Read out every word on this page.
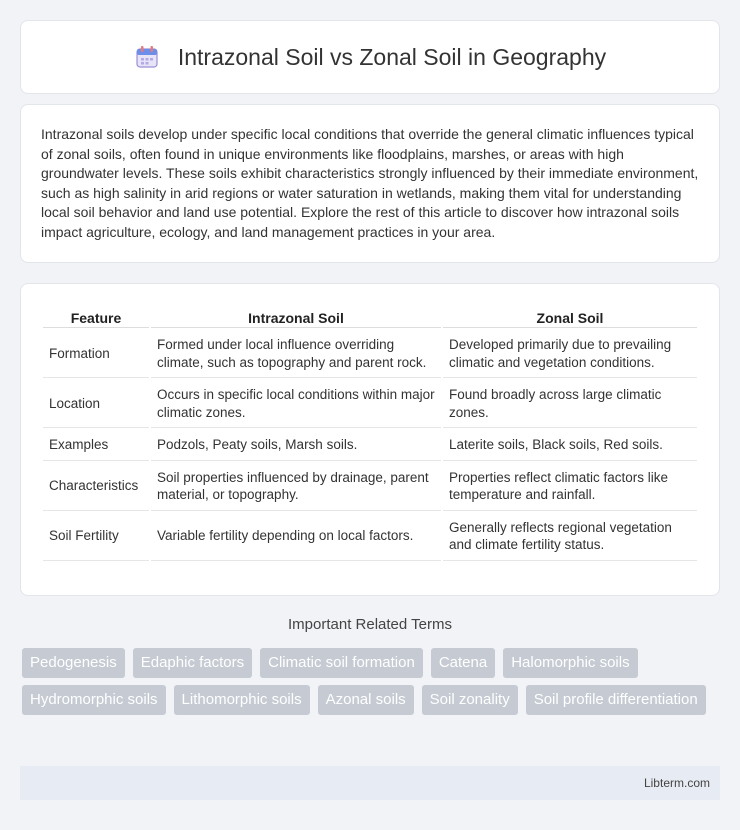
Intrazonal Soil vs Zonal Soil in Geography

Intrazonal soils develop under specific local conditions that override the general climatic influences typical of zonal soils, often found in unique environments like floodplains, marshes, or areas with high groundwater levels. These soils exhibit characteristics strongly influenced by their immediate environment, such as high salinity in arid regions or water saturation in wetlands, making them vital for understanding local soil behavior and land use potential. Explore the rest of this article to discover how intrazonal soils impact agriculture, ecology, and land management practices in your area.

Feature	Intrazonal Soil	Zonal Soil
Formation	Formed under local influence overriding climate, such as topography and parent rock.	Developed primarily due to prevailing climatic and vegetation conditions.
Location	Occurs in specific local conditions within major climatic zones.	Found broadly across large climatic zones.
Examples	Podzols, Peaty soils, Marsh soils.	Laterite soils, Black soils, Red soils.
Characteristics	Soil properties influenced by drainage, parent material, or topography.	Properties reflect climatic factors like temperature and rainfall.
Soil Fertility	Variable fertility depending on local factors.	Generally reflects regional vegetation and climate fertility status.
Important Related Terms
Pedogenesis	Edaphic factors	Climatic soil formation	Catena	Halomorphic soils
Hydromorphic soils	Lithomorphic soils	Azonal soils	Soil zonality	Soil profile differentiation
Libterm.com
